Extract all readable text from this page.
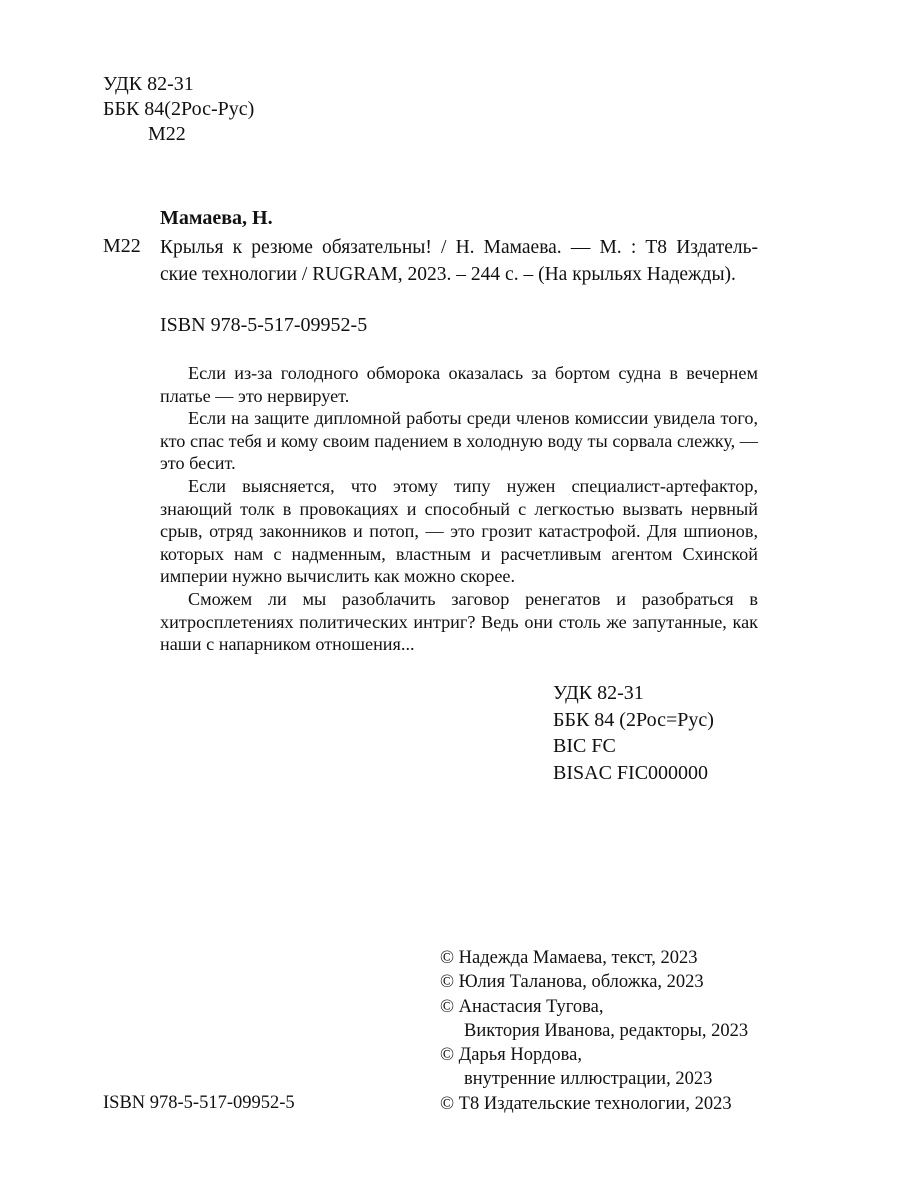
УДК 82-31
ББК 84(2Рос-Рус)
М22
Мамаева, Н.
М22 Крылья к резюме обязательны! / Н. Мамаева. — М. : Т8 Издатель-
ские технологии / RUGRAM, 2023. – 244 с. – (На крыльях Надежды).
ISBN 978-5-517-09952-5

Если из-за голодного обморока оказалась за бортом судна в вечернем платье — это нервирует.

Если на защите дипломной работы среди членов комиссии увидела того, кто спас тебя и кому своим падением в холодную воду ты сорвала слежку, — это бесит.

Если выясняется, что этому типу нужен специалист-артефактор, знающий толк в провокациях и способный с легкостью вызвать нервный срыв, отряд законников и потоп, — это грозит катастрофой. Для шпионов, которых нам с надменным, властным и расчетливым агентом Схинской империи нужно вычислить как можно скорее.

Сможем ли мы разоблачить заговор ренегатов и разобраться в хитросплетениях политических интриг? Ведь они столь же запутанные, как наши с напарником отношения...

УДК 82-31
ББК 84 (2Рос=Рус)
BIC FC
BISAC FIC000000
© Надежда Мамаева, текст, 2023
© Юлия Таланова, обложка, 2023
© Анастасия Тугова,
Виктория Иванова, редакторы, 2023
© Дарья Нордова,
внутренние иллюстрации, 2023
© Т8 Издательские технологии, 2023
ISBN 978-5-517-09952-5
